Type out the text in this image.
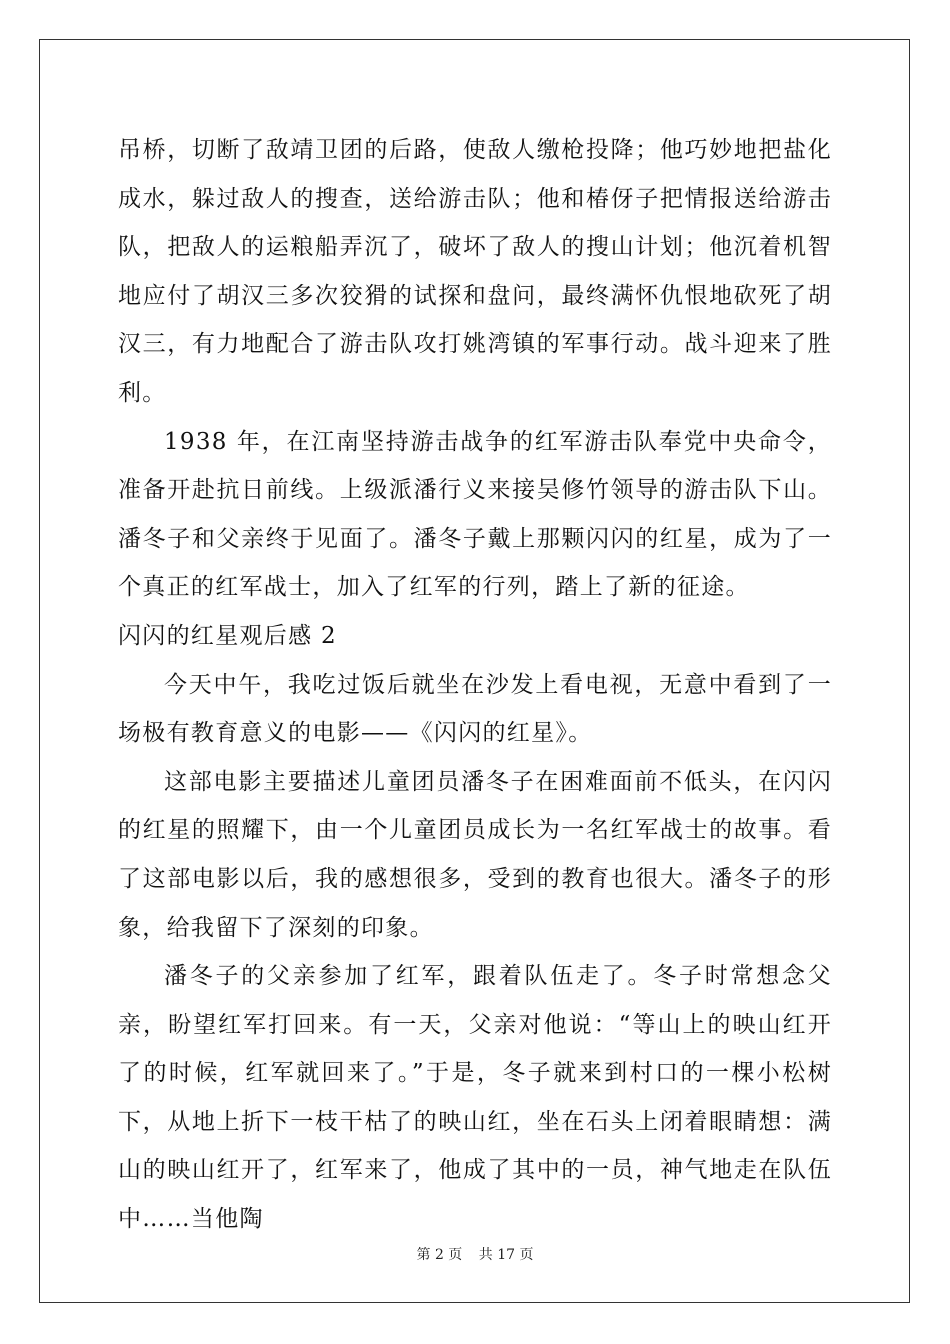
吊桥，切断了敌靖卫团的后路，使敌人缴枪投降；他巧妙地把盐化成水，躲过敌人的搜查，送给游击队；他和椿伢子把情报送给游击队，把敌人的运粮船弄沉了，破坏了敌人的搜山计划；他沉着机智地应付了胡汉三多次狡猾的试探和盘问，最终满怀仇恨地砍死了胡汉三，有力地配合了游击队攻打姚湾镇的军事行动。战斗迎来了胜利。

1938 年，在江南坚持游击战争的红军游击队奉党中央命令，准备开赴抗日前线。上级派潘行义来接吴修竹领导的游击队下山。潘冬子和父亲终于见面了。潘冬子戴上那颗闪闪的红星，成为了一个真正的红军战士，加入了红军的行列，踏上了新的征途。

闪闪的红星观后感 2

今天中午，我吃过饭后就坐在沙发上看电视，无意中看到了一场极有教育意义的电影——《闪闪的红星》。

这部电影主要描述儿童团员潘冬子在困难面前不低头，在闪闪的红星的照耀下，由一个儿童团员成长为一名红军战士的故事。看了这部电影以后，我的感想很多，受到的教育也很大。潘冬子的形象，给我留下了深刻的印象。

潘冬子的父亲参加了红军，跟着队伍走了。冬子时常想念父亲，盼望红军打回来。有一天，父亲对他说：“等山上的映山红开了的时候，红军就回来了。”于是，冬子就来到村口的一棵小松树下，从地上折下一枝干枯了的映山红，坐在石头上闭着眼睛想：满山的映山红开了，红军来了，他成了其中的一员，神气地走在队伍中……当他陶

第 2 页 共 17 页
